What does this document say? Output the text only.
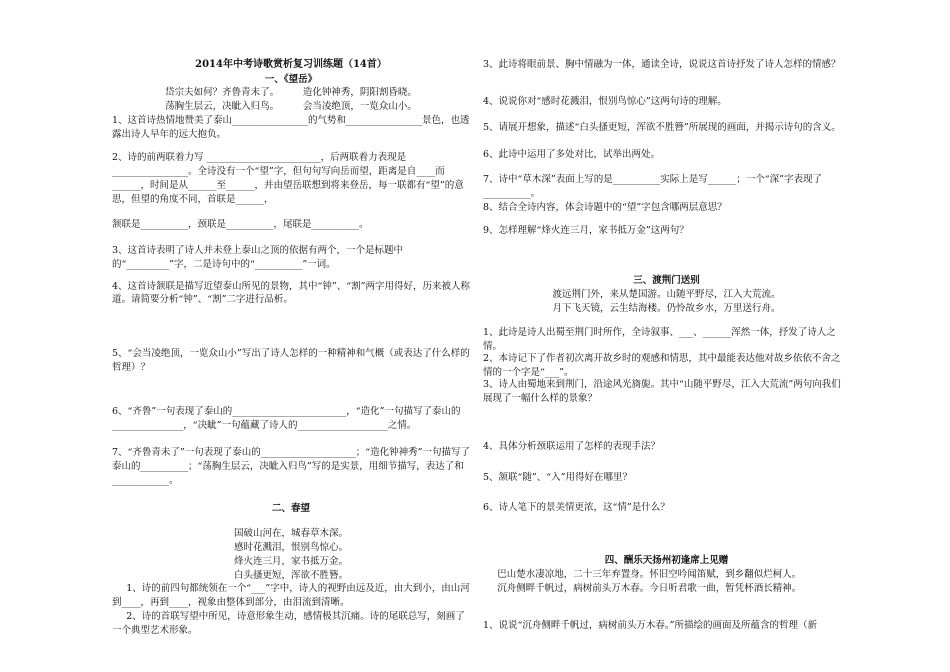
2014年中考诗歌赏析复习训练题（14首）

一、《望岳》

岱宗夫如何？齐鲁青未了。　　　造化钟神秀，阴阳割昏晓。

荡胸生层云，决眦入归鸟。　　　会当凌绝顶，一览众山小。

1、这首诗热情地赞美了泰山________________的气势和________________景色，也透露出诗人早年的远大抱负。

2、诗的前两联着力写 ________________________，后两联着力表现是________________。全诗没有一个“望”字，但句句写向岳而望，距离是自____而______，时间是从______至______，并由望岳联想到将来登岳，每一联都有“望”的意思，但望的角度不同，首联是______，

颔联是__________，颈联是__________，尾联是__________。

3、这首诗表明了诗人并未登上泰山之顶的依据有两个，一个是标题中的“_________”字，二是诗句中的“__________”一词。

4、这首诗颔联是描写近望泰山所见的景物，其中“钟”、“割”两字用得好，历来被人称道。请简要分析“钟”、“割”二字进行品析。

5、“会当凌绝顶，一览众山小”写出了诗人怎样的一种精神和气概（或表达了什么样的哲理）？

6、“齐鲁”一句表现了泰山的________________________，“造化”一句描写了泰山的_______________，“决眦”一句蕴藏了诗人的___________________之情。

7、“齐鲁青未了”一句表现了泰山的____________________；“造化钟神秀”一句描写了泰山的__________；“荡胸生层云，决眦入归鸟”写的是实景，用细节描写，表达了和____________。

二、春望

国破山河在，城春草木深。

感时花溅泪，恨别鸟惊心。

烽火连三月，家书抵万金。

白头搔更短，浑欲不胜簪。

1、诗的前四句都统领在一个“___”字中，诗人的视野由远及近，由大到小，由山河到____，再到____，视象由整体到部分，由泪流到清晰。

2、诗的首联写望中所见，诗意形象生动，感情极其沉痛。诗的尾联总写，刻画了一个典型艺术形象。

3、此诗将眼前景、胸中情融为一体，通读全诗，说说这首诗抒发了诗人怎样的情感？

4、说说你对“感时花溅泪，恨别鸟惊心”这两句诗的理解。

5、请展开想象，描述“白头搔更短，浑欲不胜簪”所展现的画面，并揭示诗句的含义。

6、此诗中运用了多处对比，试举出两处。

7、诗中“草木深”表面上写的是__________实际上是写______；一个“深”字表现了__________。

8、结合全诗内容，体会诗题中的“望”字包含哪两层意思？

9、怎样理解“烽火连三月，家书抵万金”这两句？

三、渡荆门送别

渡远荆门外，来从楚国游。山随平野尽，江入大荒流。

月下飞天镜，云生结海楼。仍怜故乡水，万里送行舟。

1、此诗是诗人出蜀至荆门时所作，全诗叙事、___、______浑然一体，抒发了诗人之情。

2、本诗记下了作者初次离开故乡时的观感和情思，其中最能表达他对故乡依依不舍之情的一个字是“___”。

3、诗人由蜀地来到荆门，沿途风光旖旎。其中“山随平野尽，江入大荒流”两句向我们展现了一幅什么样的景象？

4、具体分析颈联运用了怎样的表现手法？

5、颔联“随”、“入”用得好在哪里？

6、诗人笔下的景美情更浓，这“情”是什么？

四、酬乐天扬州初逢席上见赠

巴山楚水凄凉地，二十三年弃置身。怀旧空吟闻笛赋，到乡翻似烂柯人。

沉舟侧畔千帆过，病树前头万木春。今日听君歌一曲，暂凭杯酒长精神。

1、说说“沉舟侧畔千帆过，病树前头万木春。”所描绘的画面及所蕴含的哲理（新
